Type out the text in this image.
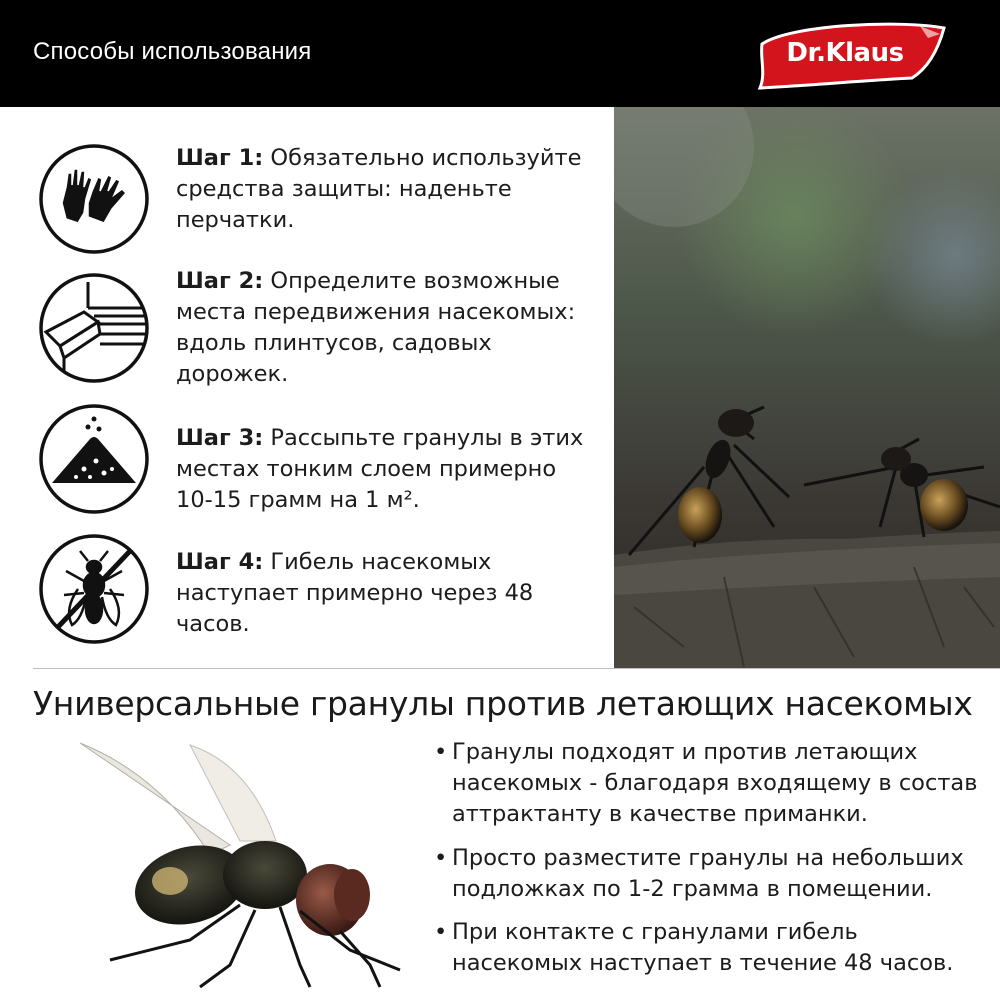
Способы использования	Dr.Klaus
Шаг 1: Обязательно используйте средства защиты: наденьте перчатки.
Шаг 2: Определите возможные места передвижения насекомых: вдоль плинтусов, садовых дорожек.
Шаг 3: Рассыпьте гранулы в этих местах тонким слоем примерно 10-15 грамм на 1 м².
Шаг 4: Гибель насекомых наступает примерно через 48 часов.
Универсальные гранулы против летающих насекомых
• Гранулы подходят и против летающих насекомых - благодаря входящему в состав аттрактанту в качестве приманки.
• Просто разместите гранулы на небольших подложках по 1-2 грамма в помещении.
• При контакте с гранулами гибель насекомых наступает в течение 48 часов.
